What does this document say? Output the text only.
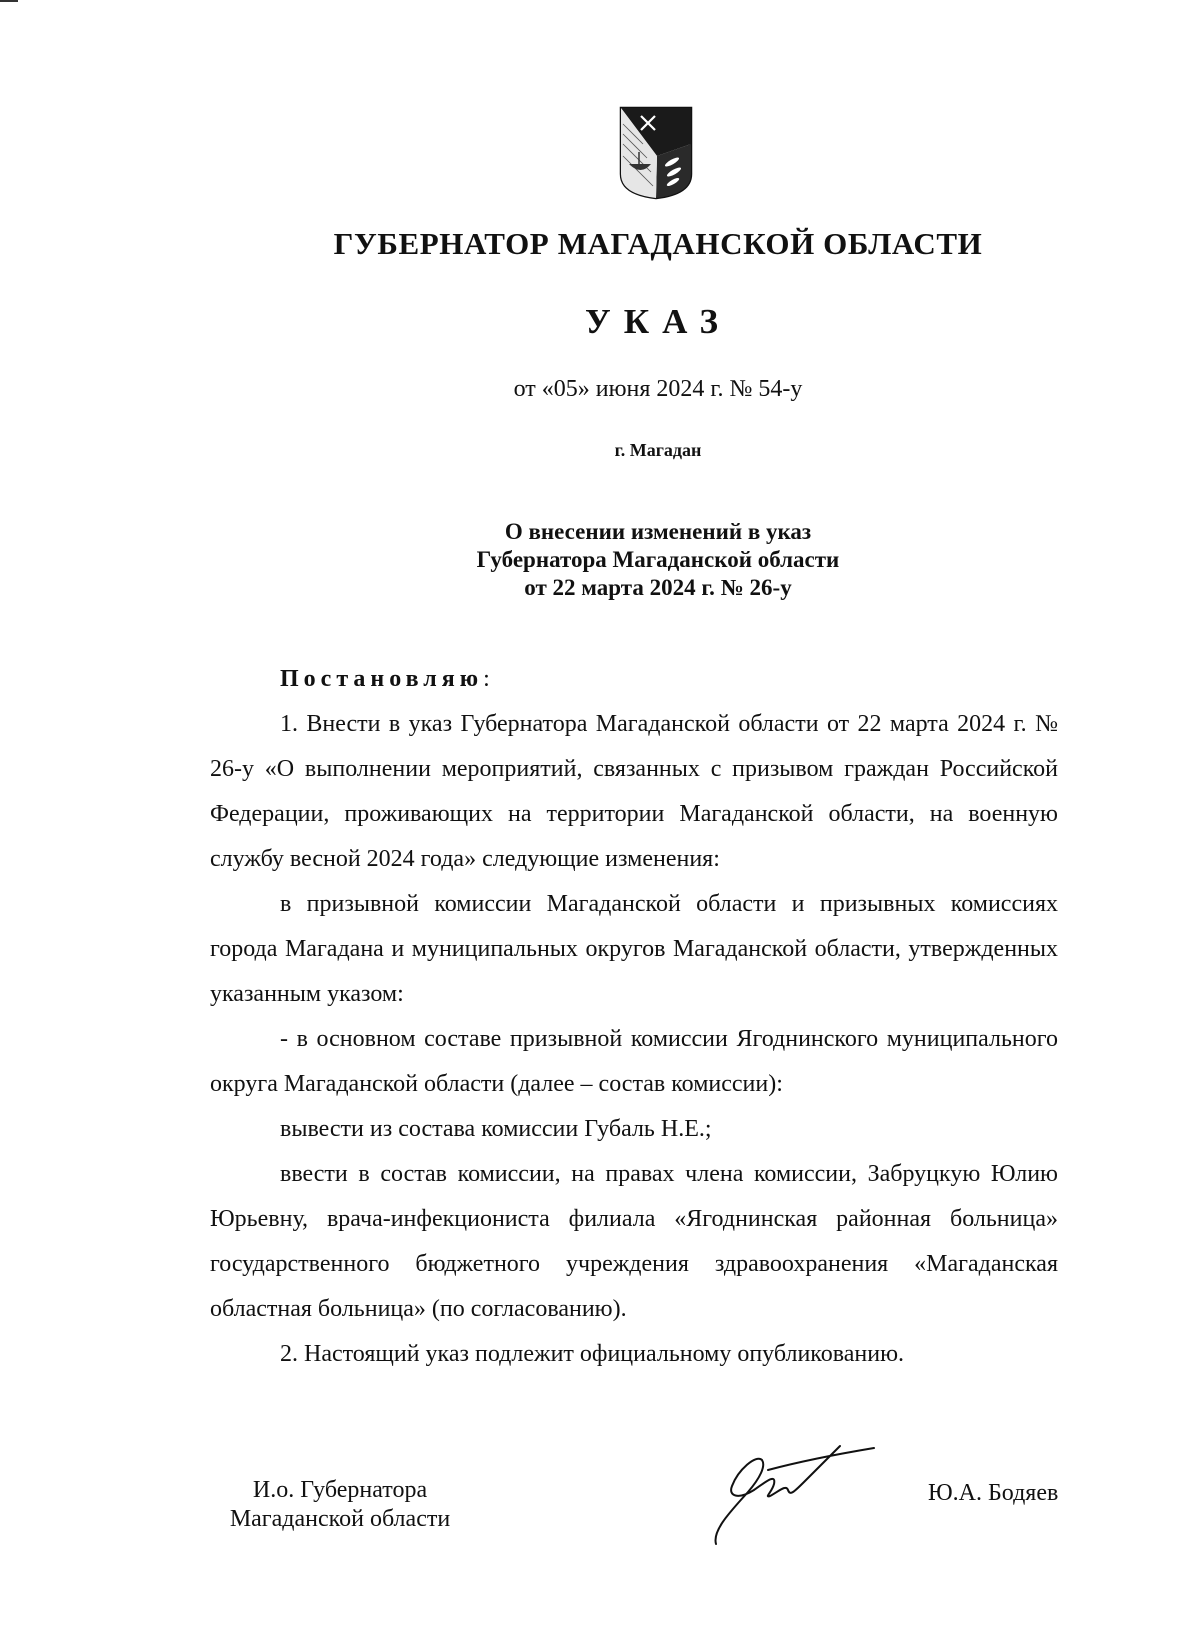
ГУБЕРНАТОР МАГАДАНСКОЙ ОБЛАСТИ
УКАЗ
от «05» июня 2024 г. № 54-у
г. Магадан
О внесении изменений в указ
Губернатора Магаданской области
от 22 марта 2024 г. № 26-у

Постановляю:

1. Внести в указ Губернатора Магаданской области от 22 марта 2024 г. № 26-у «О выполнении мероприятий, связанных с призывом граждан Российской Федерации, проживающих на территории Магаданской области, на военную службу весной 2024 года» следующие изменения:

в призывной комиссии Магаданской области и призывных комиссиях города Магадана и муниципальных округов Магаданской области, утвержденных указанным указом:

- в основном составе призывной комиссии Ягоднинского муниципального округа Магаданской области (далее – состав комиссии):

вывести из состава комиссии Губаль Н.Е.;

ввести в состав комиссии, на правах члена комиссии, Забруцкую Юлию Юрьевну, врача-инфекциониста филиала «Ягоднинская районная больница» государственного бюджетного учреждения здравоохранения «Магаданская областная больница» (по согласованию).

2. Настоящий указ подлежит официальному опубликованию.

И.о. Губернатора
Магаданской области
Ю.А. Бодяев
